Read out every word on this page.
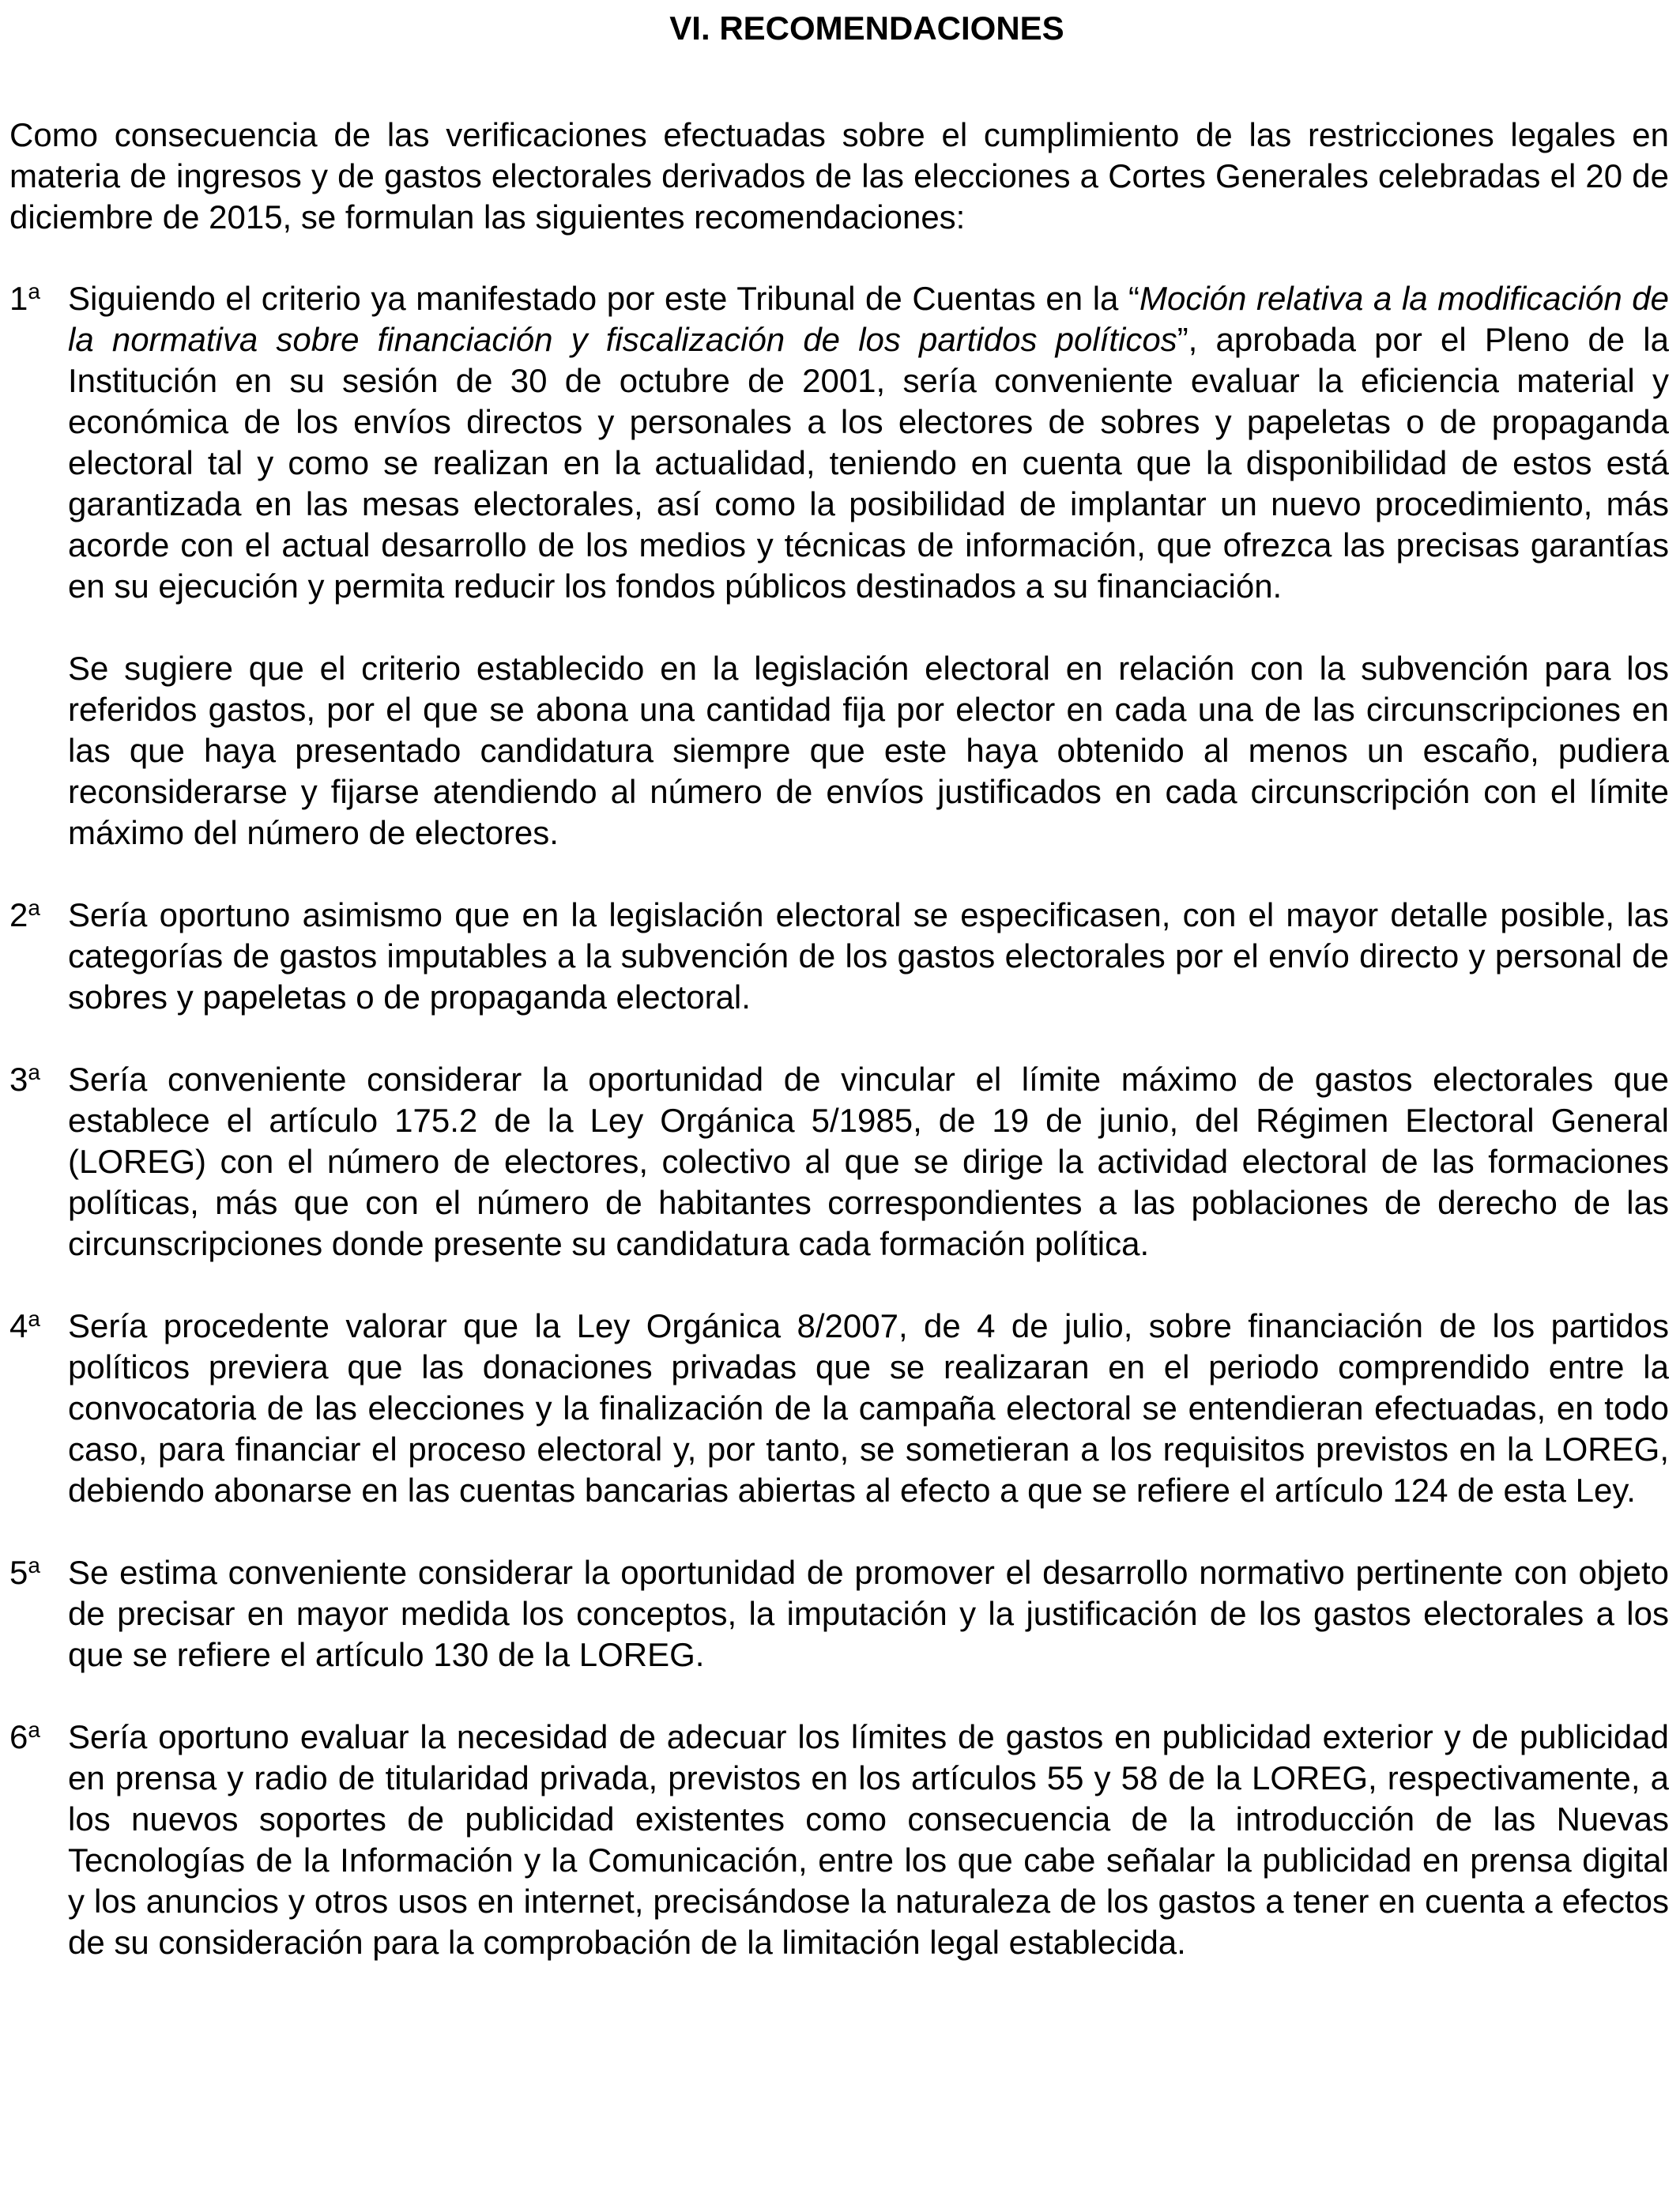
VI. RECOMENDACIONES

Como consecuencia de las verificaciones efectuadas sobre el cumplimiento de las restricciones legales en materia de ingresos y de gastos electorales derivados de las elecciones a Cortes Generales celebradas el 20 de diciembre de 2015, se formulan las siguientes recomendaciones:

1$^a$ Siguiendo el criterio ya manifestado por este Tribunal de Cuentas en la “Moción relativa a la modificación de la normativa sobre financiación y fiscalización de los partidos políticos”, aprobada por el Pleno de la Institución en su sesión de 30 de octubre de 2001, sería conveniente evaluar la eficiencia material y económica de los envíos directos y personales a los electores de sobres y papeletas o de propaganda electoral tal y como se realizan en la actualidad, teniendo en cuenta que la disponibilidad de estos está garantizada en las mesas electorales, así como la posibilidad de implantar un nuevo procedimiento, más acorde con el actual desarrollo de los medios y técnicas de información, que ofrezca las precisas garantías en su ejecución y permita reducir los fondos públicos destinados a su financiación.

Se sugiere que el criterio establecido en la legislación electoral en relación con la subvención para los referidos gastos, por el que se abona una cantidad fija por elector en cada una de las circunscripciones en las que haya presentado candidatura siempre que este haya obtenido al menos un escaño, pudiera reconsiderarse y fijarse atendiendo al número de envíos justificados en cada circunscripción con el límite máximo del número de electores.

2$^a$ Sería oportuno asimismo que en la legislación electoral se especificasen, con el mayor detalle posible, las categorías de gastos imputables a la subvención de los gastos electorales por el envío directo y personal de sobres y papeletas o de propaganda electoral.

3$^a$ Sería conveniente considerar la oportunidad de vincular el límite máximo de gastos electorales que establece el artículo 175.2 de la Ley Orgánica 5/1985, de 19 de junio, del Régimen Electoral General (LOREG) con el número de electores, colectivo al que se dirige la actividad electoral de las formaciones políticas, más que con el número de habitantes correspondientes a las poblaciones de derecho de las circunscripciones donde presente su candidatura cada formación política.

4$^a$ Sería procedente valorar que la Ley Orgánica 8/2007, de 4 de julio, sobre financiación de los partidos políticos previera que las donaciones privadas que se realizaran en el periodo comprendido entre la convocatoria de las elecciones y la finalización de la campaña electoral se entendieran efectuadas, en todo caso, para financiar el proceso electoral y, por tanto, se sometieran a los requisitos previstos en la LOREG, debiendo abonarse en las cuentas bancarias abiertas al efecto a que se refiere el artículo 124 de esta Ley.

5$^a$ Se estima conveniente considerar la oportunidad de promover el desarrollo normativo pertinente con objeto de precisar en mayor medida los conceptos, la imputación y la justificación de los gastos electorales a los que se refiere el artículo 130 de la LOREG.

6$^a$ Sería oportuno evaluar la necesidad de adecuar los límites de gastos en publicidad exterior y de publicidad en prensa y radio de titularidad privada, previstos en los artículos 55 y 58 de la LOREG, respectivamente, a los nuevos soportes de publicidad existentes como consecuencia de la introducción de las Nuevas Tecnologías de la Información y la Comunicación, entre los que cabe señalar la publicidad en prensa digital y los anuncios y otros usos en internet, precisándose la naturaleza de los gastos a tener en cuenta a efectos de su consideración para la comprobación de la limitación legal establecida.
